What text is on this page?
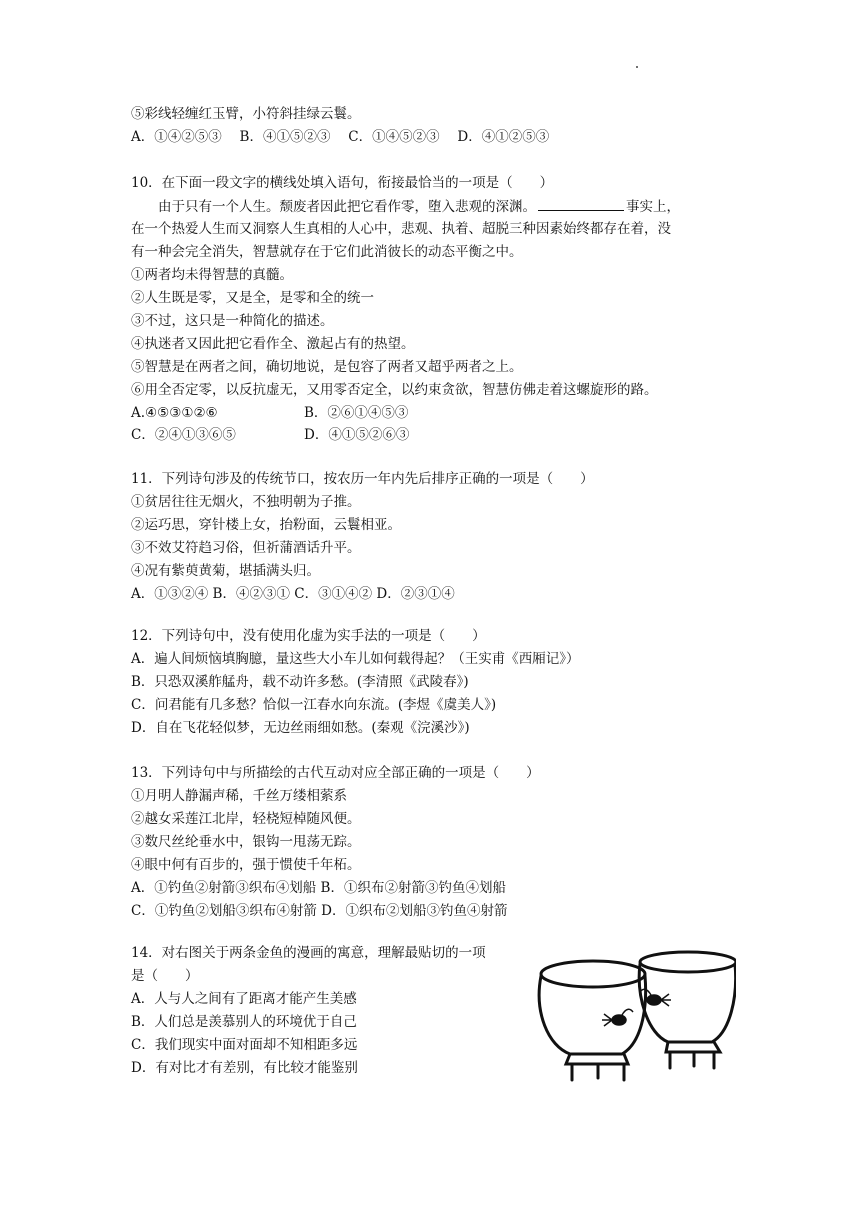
⑤彩线轻缠红玉臂，小符斜挂绿云鬟。
A．①④②⑤③　 B．④①⑤②③　 C．①④⑤②③　 D．④①②⑤③
10．在下面一段文字的横线处填入语句，衔接最恰当的一项是（　　）
由于只有一个人生。颓废者因此把它看作零，堕入悲观的深渊。	事实上，
在一个热爱人生而又洞察人生真相的人心中，悲观、执着、超脱三种因素始终都存在着，没
有一种会完全消失，智慧就存在于它们此消彼长的动态平衡之中。
①两者均未得智慧的真髓。
②人生既是零，又是全，是零和全的统一
③不过，这只是一种简化的描述。
④执迷者又因此把它看作全、激起占有的热望。
⑤智慧是在两者之间，确切地说，是包容了两者又超乎两者之上。
⑥用全否定零，以反抗虚无，又用零否定全，以约束贪欲，智慧仿佛走着这螺旋形的路。
A.④⑤③①②⑥	B．②⑥①④⑤③
C．②④①③⑥⑤	D．④①⑤②⑥③
11．下列诗句涉及的传统节口，按农历一年内先后排序正确的一项是（　　）
①贫居往往无烟火，不独明朝为子推。
②运巧思，穿针楼上女，抬粉面，云鬟相亚。
③不效艾符趋习俗，但祈蒲酒话升平。
④况有紫萸黄菊，堪插满头归。
A．①③②④ B．④②③① C．③①④② D．②③①④
12．下列诗句中，没有使用化虚为实手法的一项是（　　）
A．遍人间烦恼填胸臆，量这些大小车儿如何载得起？（王实甫《西厢记》）
B．只恐双溪舴艋舟，载不动许多愁。(李清照《武陵春》)
C．问君能有几多愁？恰似一江春水向东流。(李煜《虞美人》)
D．自在飞花轻似梦，无边丝雨细如愁。(秦观《浣溪沙》)
13．下列诗句中与所描绘的古代互动对应全部正确的一项是（　　）
①月明人静漏声稀，千丝万缕相萦系
②越女采莲江北岸，轻桡短棹随风便。
③数尺丝纶垂水中，银钩一甩荡无踪。
④眼中何有百步的，强于惯使千年柘。
A．①钓鱼②射箭③织布④划船 B．①织布②射箭③钓鱼④划船
C．①钓鱼②划船③织布④射箭 D．①织布②划船③钓鱼④射箭
14．对右图关于两条金鱼的漫画的寓意，理解最贴切的一项
是（　　）
A．人与人之间有了距离才能产生美感
B．人们总是羡慕别人的环境优于自己
C．我们现实中面对面却不知相距多远
D．有对比才有差别，有比较才能鉴别
